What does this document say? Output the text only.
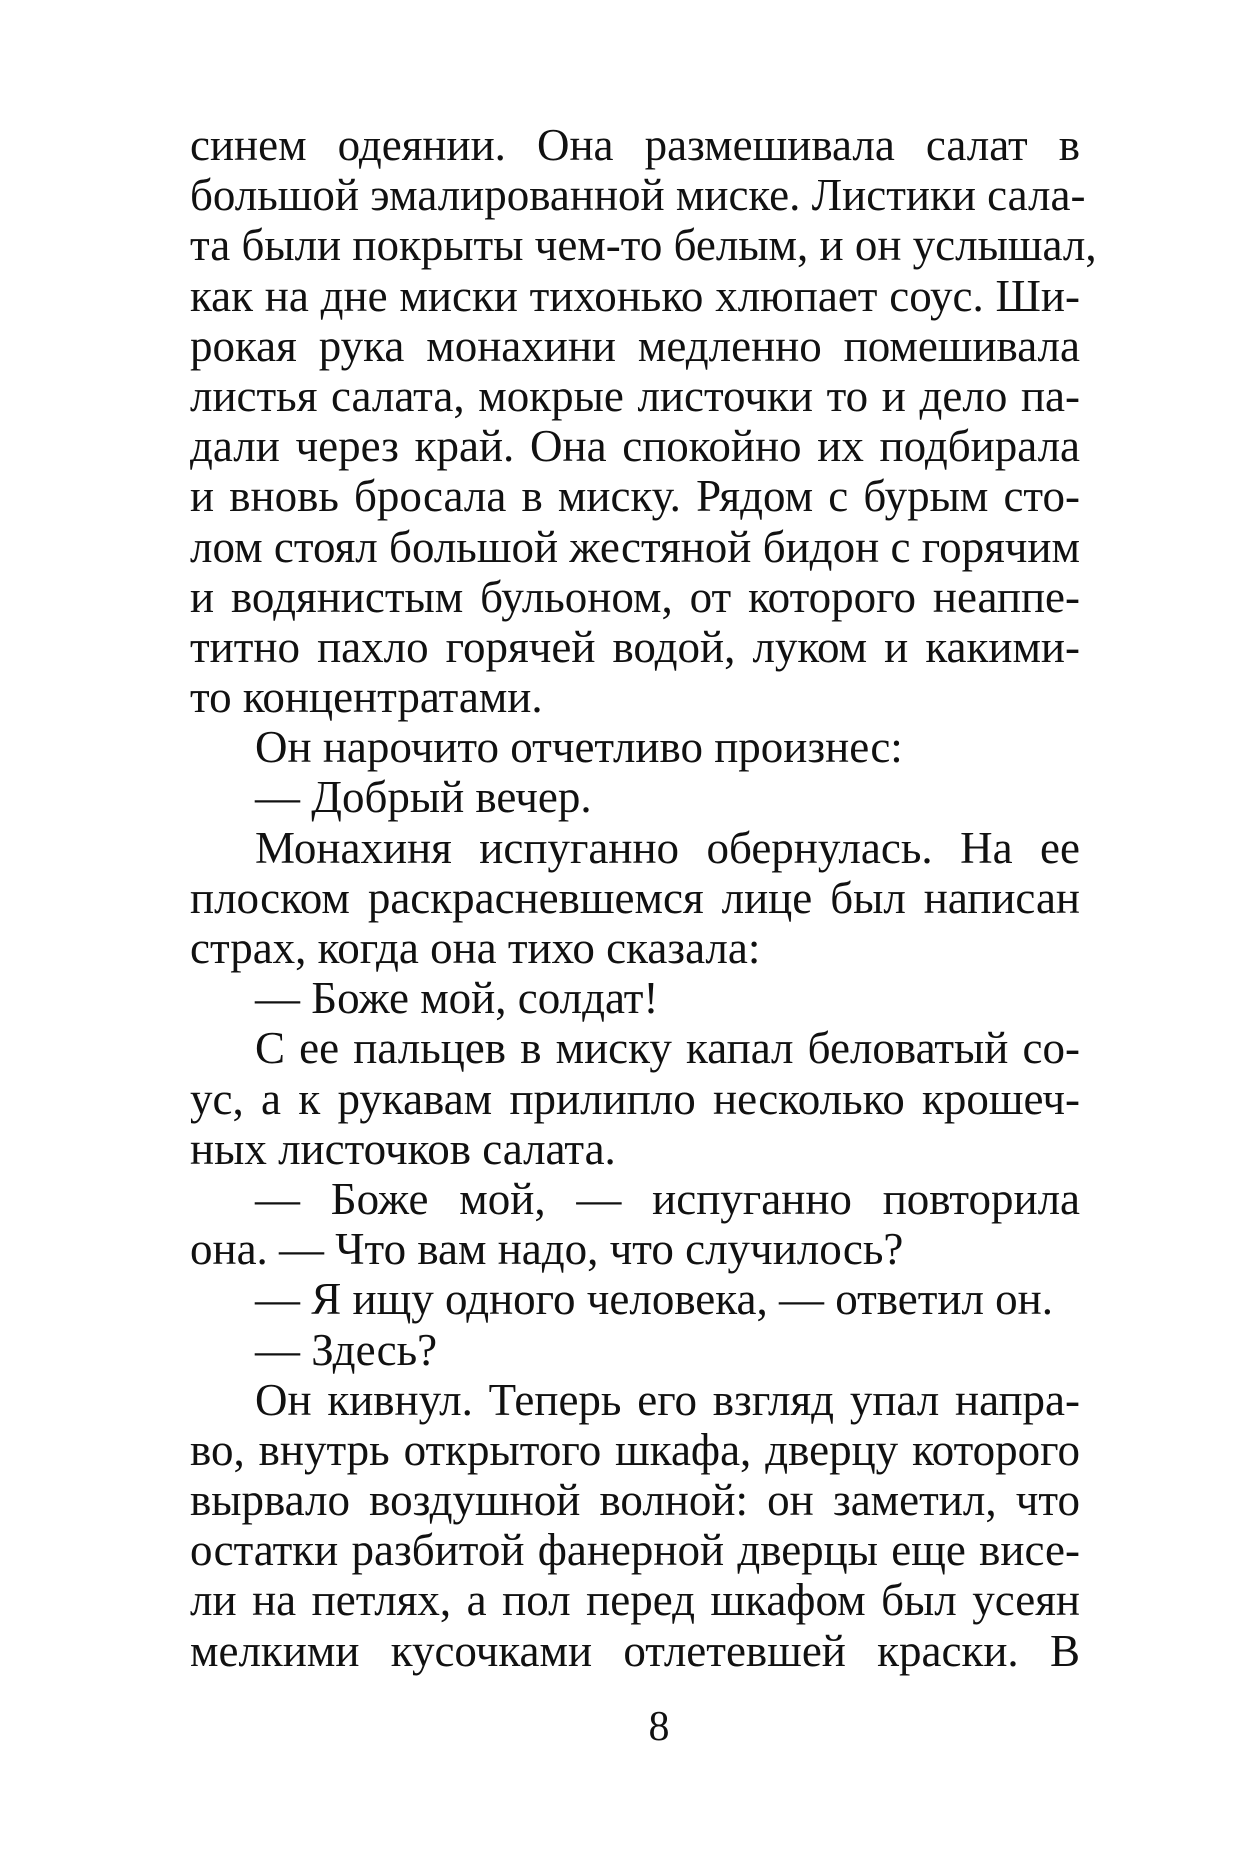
синем одеянии. Она размешивала салат в
большой эмалированной миске. Листики сала-
та были покрыты чем-то белым, и он услышал,
как на дне миски тихонько хлюпает соус. Ши-
рокая рука монахини медленно помешивала
листья салата, мокрые листочки то и дело па-
дали через край. Она спокойно их подбирала
и вновь бросала в миску. Рядом с бурым сто-
лом стоял большой жестяной бидон с горячим
и водянистым бульоном, от которого неаппе-
титно пахло горячей водой, луком и какими-
то концентратами.
Он нарочито отчетливо произнес:
— Добрый вечер.
Монахиня испуганно обернулась. На ее
плоском раскрасневшемся лице был написан
страх, когда она тихо сказала:
— Боже мой, солдат!
С ее пальцев в миску капал беловатый со-
ус, а к рукавам прилипло несколько крошеч-
ных листочков салата.
— Боже мой, — испуганно повторила
она. — Что вам надо, что случилось?
— Я ищу одного человека, — ответил он.
— Здесь?
Он кивнул. Теперь его взгляд упал напра-
во, внутрь открытого шкафа, дверцу которого
вырвало воздушной волной: он заметил, что
остатки разбитой фанерной дверцы еще висе-
ли на петлях, а пол перед шкафом был усеян
мелкими кусочками отлетевшей краски. В
8
